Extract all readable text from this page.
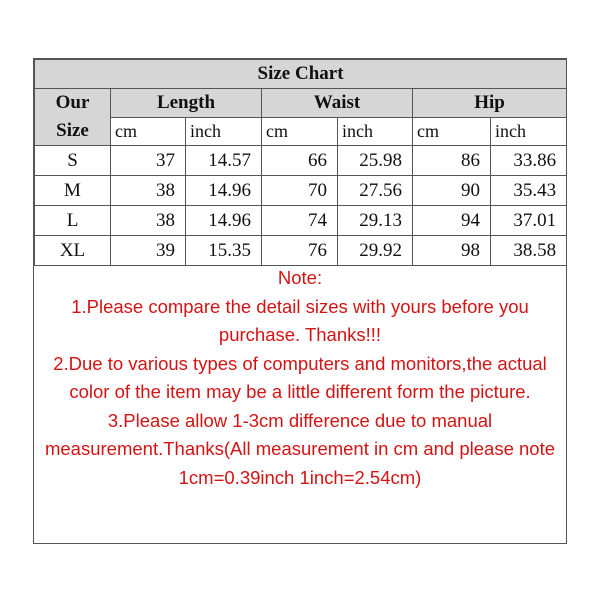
Size Chart						
Our
Size	Length		Waist		Hip	
	cm	inch	cm	inch	cm	inch
S	37	14.57	66	25.98	86	33.86
M	38	14.96	70	27.56	90	35.43
L	38	14.96	74	29.13	94	37.01
XL	39	15.35	76	29.92	98	38.58

Note:

1.Please compare the detail sizes with yours before you purchase. Thanks!!!

2.Due to various types of computers and monitors,the actual color of the item may be a little different form the picture.

3.Please allow 1-3cm difference due to manual measurement.Thanks(All measurement in cm and please note 1cm=0.39inch 1inch=2.54cm)
